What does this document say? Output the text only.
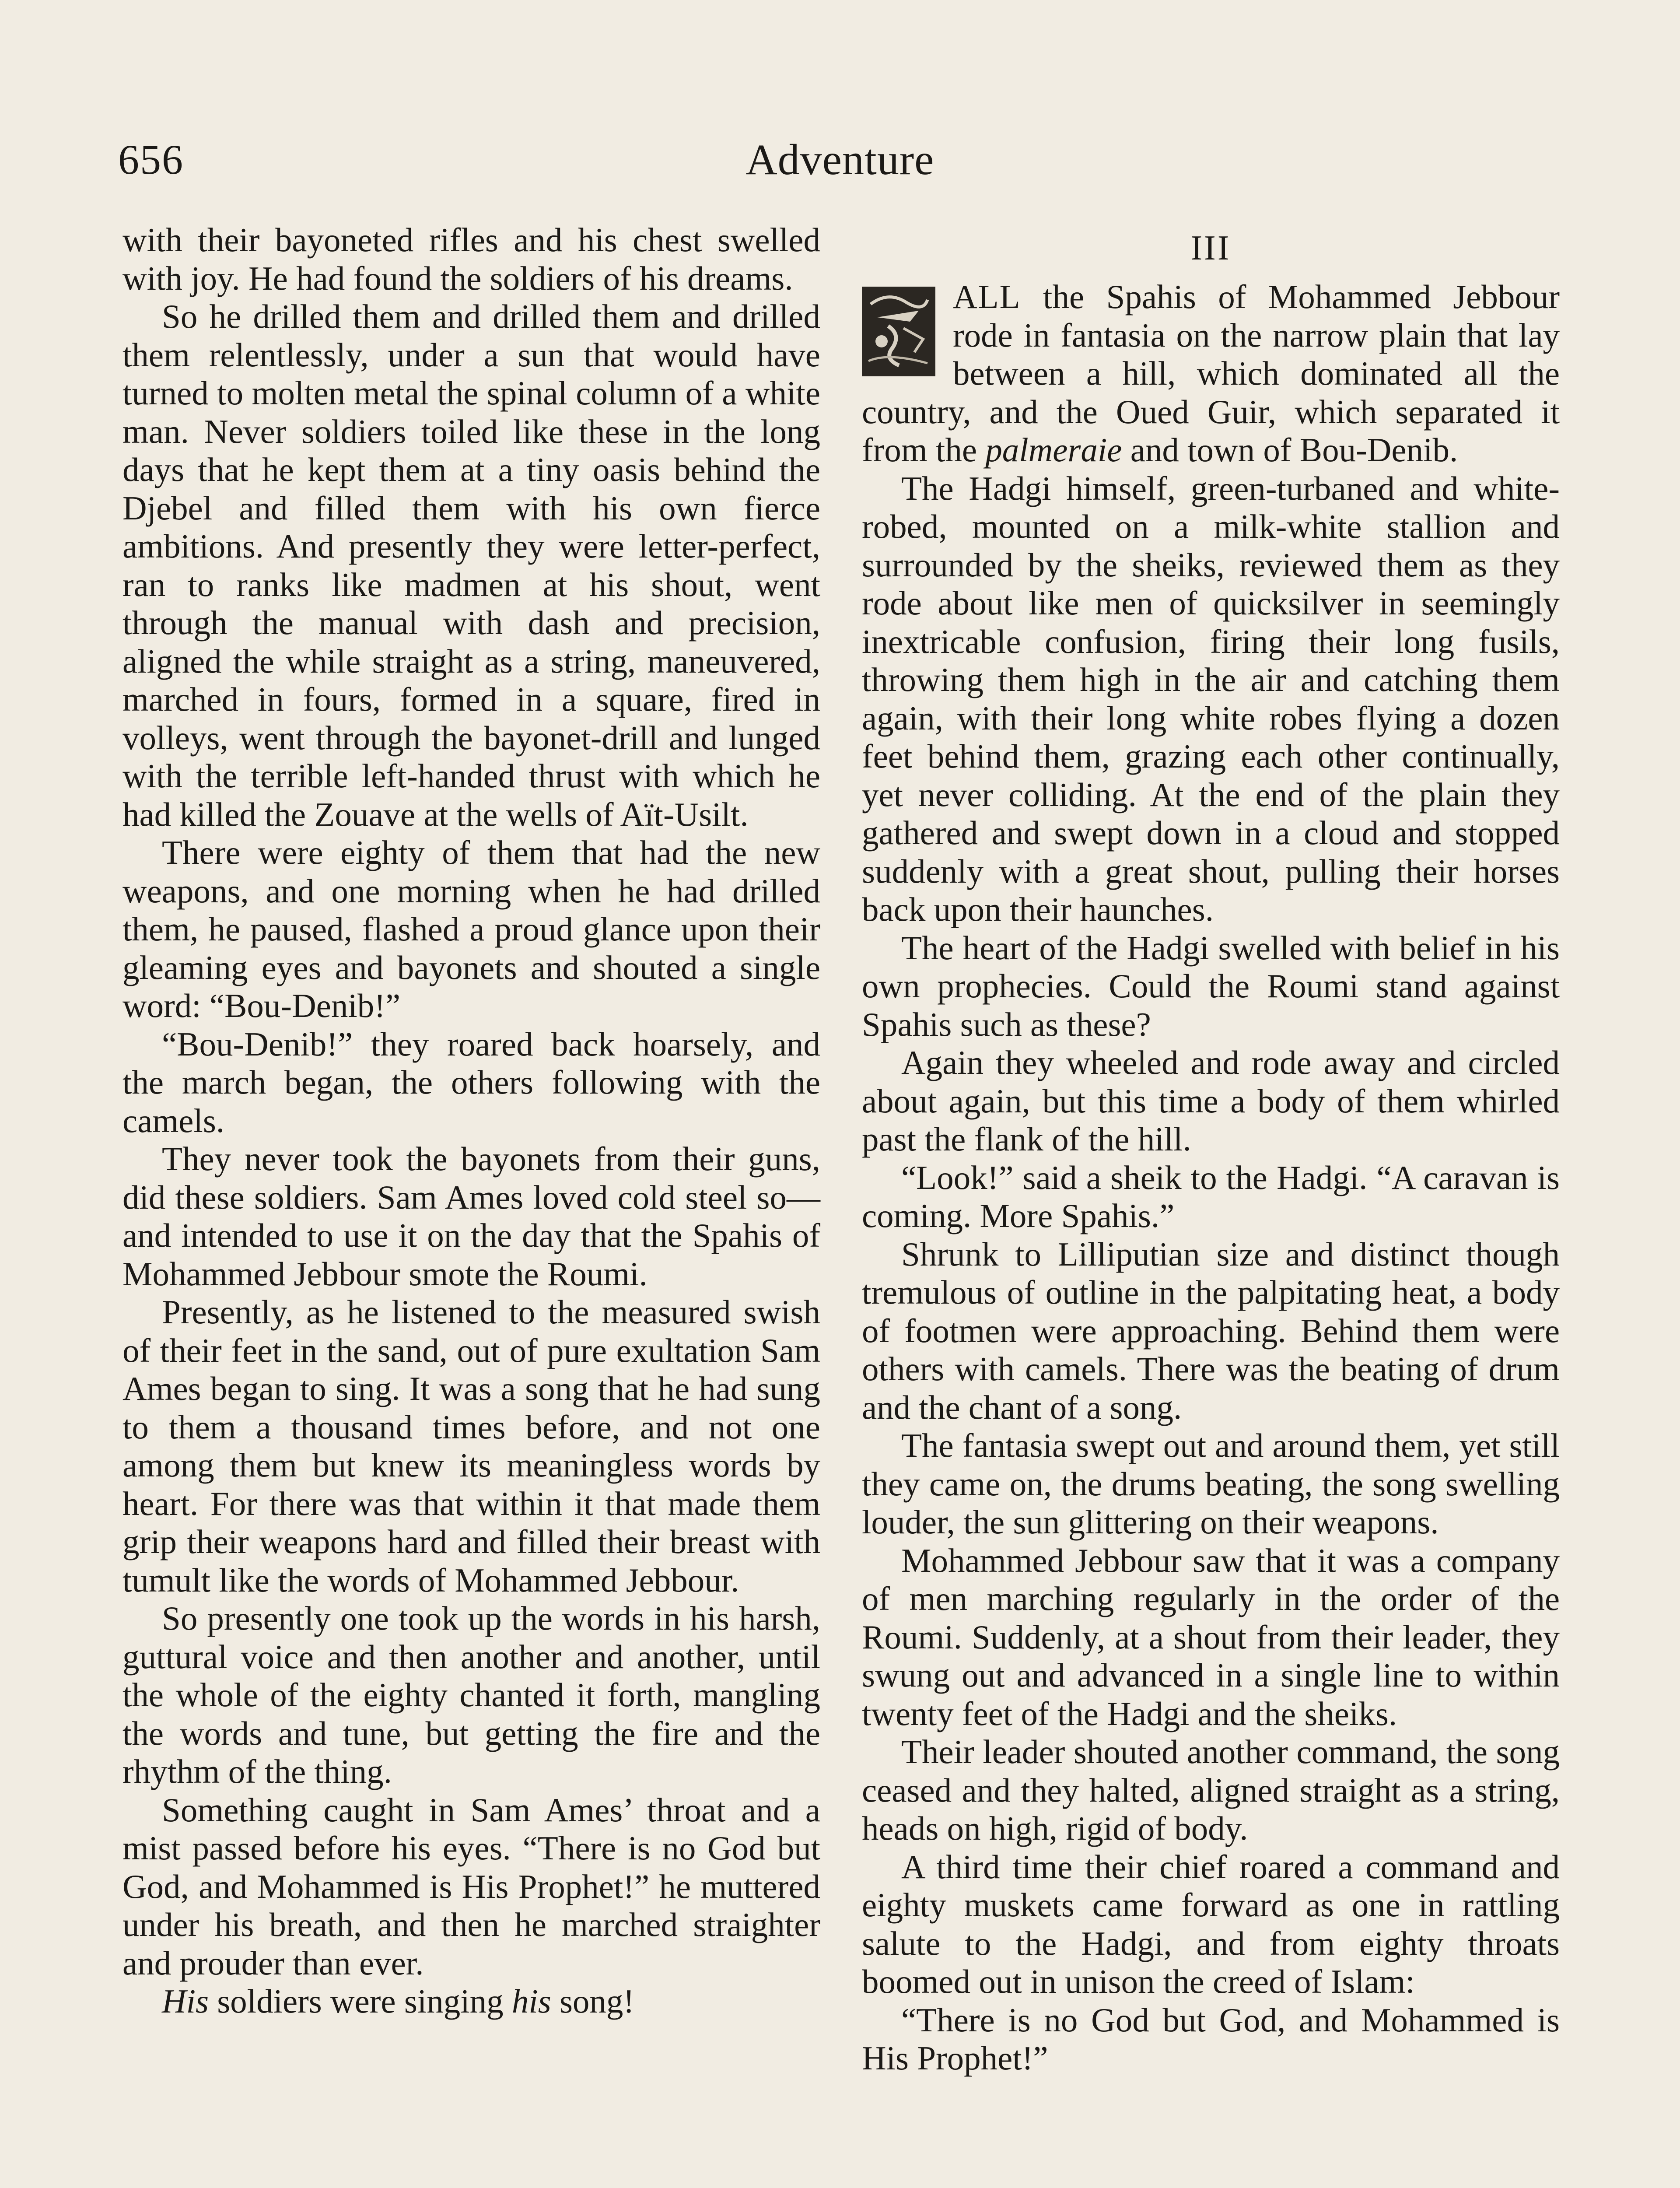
656	Adventure

with their bayoneted rifles and his chest swelled with joy. He had found the soldiers of his dreams.

So he drilled them and drilled them and drilled them relentlessly, under a sun that would have turned to molten metal the spinal column of a white man. Never soldiers toiled like these in the long days that he kept them at a tiny oasis behind the Djebel and filled them with his own fierce ambitions. And presently they were letter-perfect, ran to ranks like madmen at his shout, went through the manual with dash and precision, aligned the while straight as a string, maneuvered, marched in fours, formed in a square, fired in volleys, went through the bayonet-drill and lunged with the terrible left-handed thrust with which he had killed the Zouave at the wells of Aït-Usilt.

There were eighty of them that had the new weapons, and one morning when he had drilled them, he paused, flashed a proud glance upon their gleaming eyes and bayonets and shouted a single word: “Bou-Denib!”

“Bou-Denib!” they roared back hoarsely, and the march began, the others following with the camels.

They never took the bayonets from their guns, did these soldiers. Sam Ames loved cold steel so—and intended to use it on the day that the Spahis of Mohammed Jebbour smote the Roumi.

Presently, as he listened to the measured swish of their feet in the sand, out of pure exultation Sam Ames began to sing. It was a song that he had sung to them a thousand times before, and not one among them but knew its meaningless words by heart. For there was that within it that made them grip their weapons hard and filled their breast with tumult like the words of Mohammed Jebbour.

So presently one took up the words in his harsh, guttural voice and then another and another, until the whole of the eighty chanted it forth, mangling the words and tune, but getting the fire and the rhythm of the thing.

Something caught in Sam Ames’ throat and a mist passed before his eyes. “There is no God but God, and Mohammed is His Prophet!” he muttered under his breath, and then he marched straighter and prouder than ever.

His soldiers were singing his song!

III

ALL the Spahis of Mohammed Jebbour rode in fantasia on the narrow plain that lay between a hill, which dominated all the country, and the Oued Guir, which separated it from the palmeraie and town of Bou-Denib.

The Hadgi himself, green-turbaned and white-robed, mounted on a milk-white stallion and surrounded by the sheiks, reviewed them as they rode about like men of quicksilver in seemingly inextricable confusion, firing their long fusils, throwing them high in the air and catching them again, with their long white robes flying a dozen feet behind them, grazing each other continually, yet never colliding. At the end of the plain they gathered and swept down in a cloud and stopped suddenly with a great shout, pulling their horses back upon their haunches.

The heart of the Hadgi swelled with belief in his own prophecies. Could the Roumi stand against Spahis such as these?

Again they wheeled and rode away and circled about again, but this time a body of them whirled past the flank of the hill.

“Look!” said a sheik to the Hadgi. “A caravan is coming. More Spahis.”

Shrunk to Lilliputian size and distinct though tremulous of outline in the palpitating heat, a body of footmen were approaching. Behind them were others with camels. There was the beating of drum and the chant of a song.

The fantasia swept out and around them, yet still they came on, the drums beating, the song swelling louder, the sun glittering on their weapons.

Mohammed Jebbour saw that it was a company of men marching regularly in the order of the Roumi. Suddenly, at a shout from their leader, they swung out and advanced in a single line to within twenty feet of the Hadgi and the sheiks.

Their leader shouted another command, the song ceased and they halted, aligned straight as a string, heads on high, rigid of body.

A third time their chief roared a command and eighty muskets came forward as one in rattling salute to the Hadgi, and from eighty throats boomed out in unison the creed of Islam:

“There is no God but God, and Mohammed is His Prophet!”
